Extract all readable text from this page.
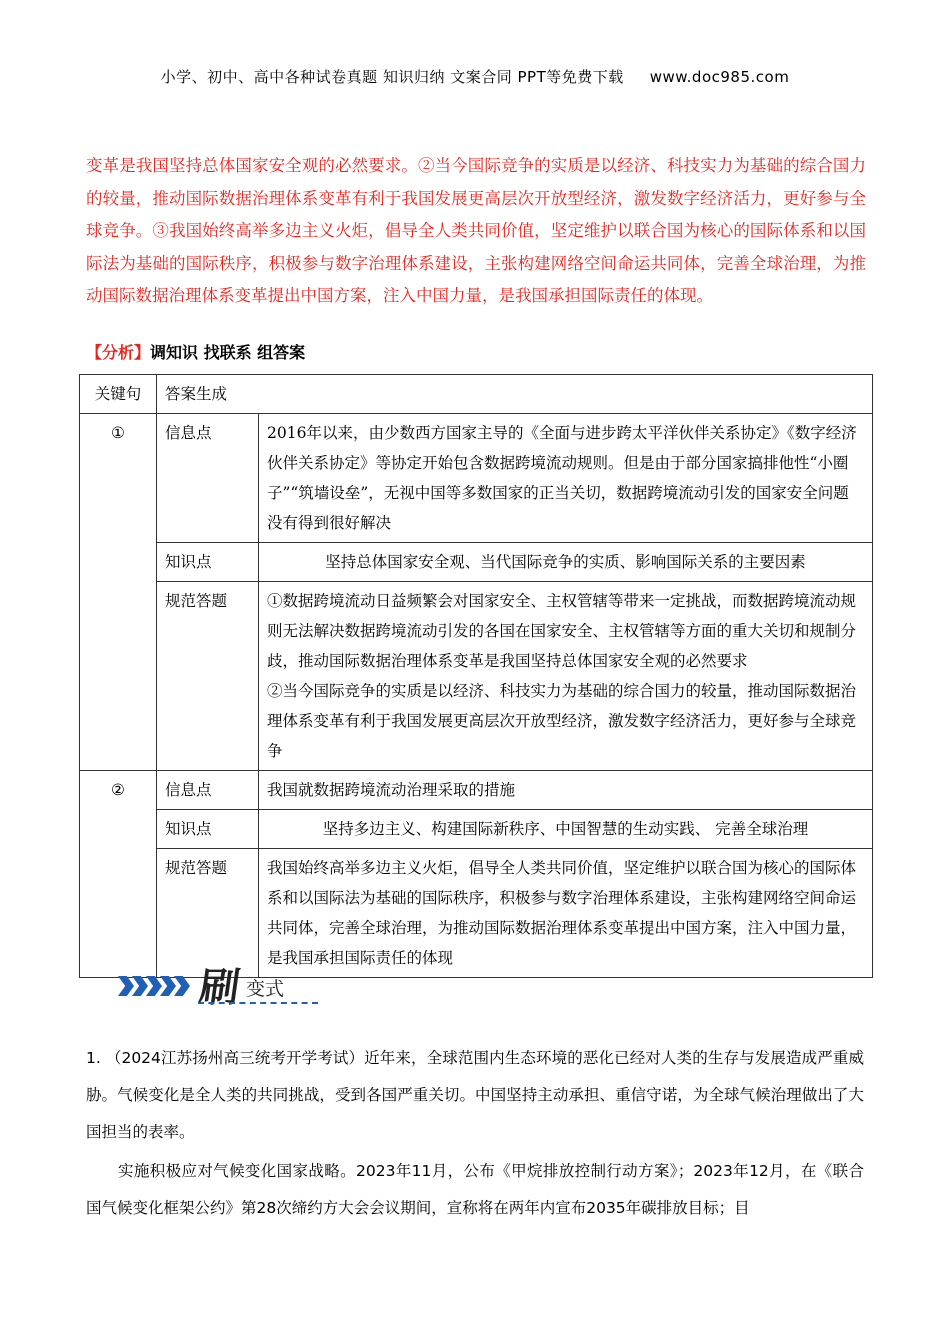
小学、初中、高中各种试卷真题 知识归纳 文案合同 PPT等免费下载 www.doc985.com

变革是我国坚持总体国家安全观的必然要求。②当今国际竞争的实质是以经济、科技实力为基础的综合国力的较量，推动国际数据治理体系变革有利于我国发展更高层次开放型经济，激发数字经济活力，更好参与全球竞争。③我国始终高举多边主义火炬，倡导全人类共同价值，坚定维护以联合国为核心的国际体系和以国际法为基础的国际秩序，积极参与数字治理体系建设，主张构建网络空间命运共同体，完善全球治理，为推动国际数据治理体系变革提出中国方案，注入中国力量，是我国承担国际责任的体现。

【分析】调知识 找联系 组答案
关键句	答案生成	
①	信息点	2016年以来，由少数西方国家主导的《全面与进步跨太平洋伙伴关系协定》《数字经济伙伴关系协定》等协定开始包含数据跨境流动规则。但是由于部分国家搞排他性“小圈子”“筑墙设垒”，无视中国等多数国家的正当关切，数据跨境流动引发的国家安全问题没有得到很好解决
	知识点	坚持总体国家安全观、当代国际竞争的实质、影响国际关系的主要因素
	规范答题	①数据跨境流动日益频繁会对国家安全、主权管辖等带来一定挑战，而数据跨境流动规则无法解决数据跨境流动引发的各国在国家安全、主权管辖等方面的重大关切和规制分歧，推动国际数据治理体系变革是我国坚持总体国家安全观的必然要求
②当今国际竞争的实质是以经济、科技实力为基础的综合国力的较量，推动国际数据治理体系变革有利于我国发展更高层次开放型经济，激发数字经济活力，更好参与全球竞争

②	信息点	我国就数据跨境流动治理采取的措施
	知识点	坚持多边主义、构建国际新秩序、中国智慧的生动实践、 完善全球治理
	规范答题	我国始终高举多边主义火炬，倡导全人类共同价值，坚定维护以联合国为核心的国际体系和以国际法为基础的国际秩序，积极参与数字治理体系建设，主张构建网络空间命运共同体，完善全球治理，为推动国际数据治理体系变革提出中国方案，注入中国力量，是我国承担国际责任的体现
刷 变式

1. （2024江苏扬州高三统考开学考试）近年来，全球范围内生态环境的恶化已经对人类的生存与发展造成严重威胁。气候变化是全人类的共同挑战，受到各国严重关切。中国坚持主动承担、重信守诺，为全球气候治理做出了大国担当的表率。

实施积极应对气候变化国家战略。2023年11月，公布《甲烷排放控制行动方案》；2023年12月，在《联合国气候变化框架公约》第28次缔约方大会会议期间，宣称将在两年内宣布2035年碳排放目标；目
